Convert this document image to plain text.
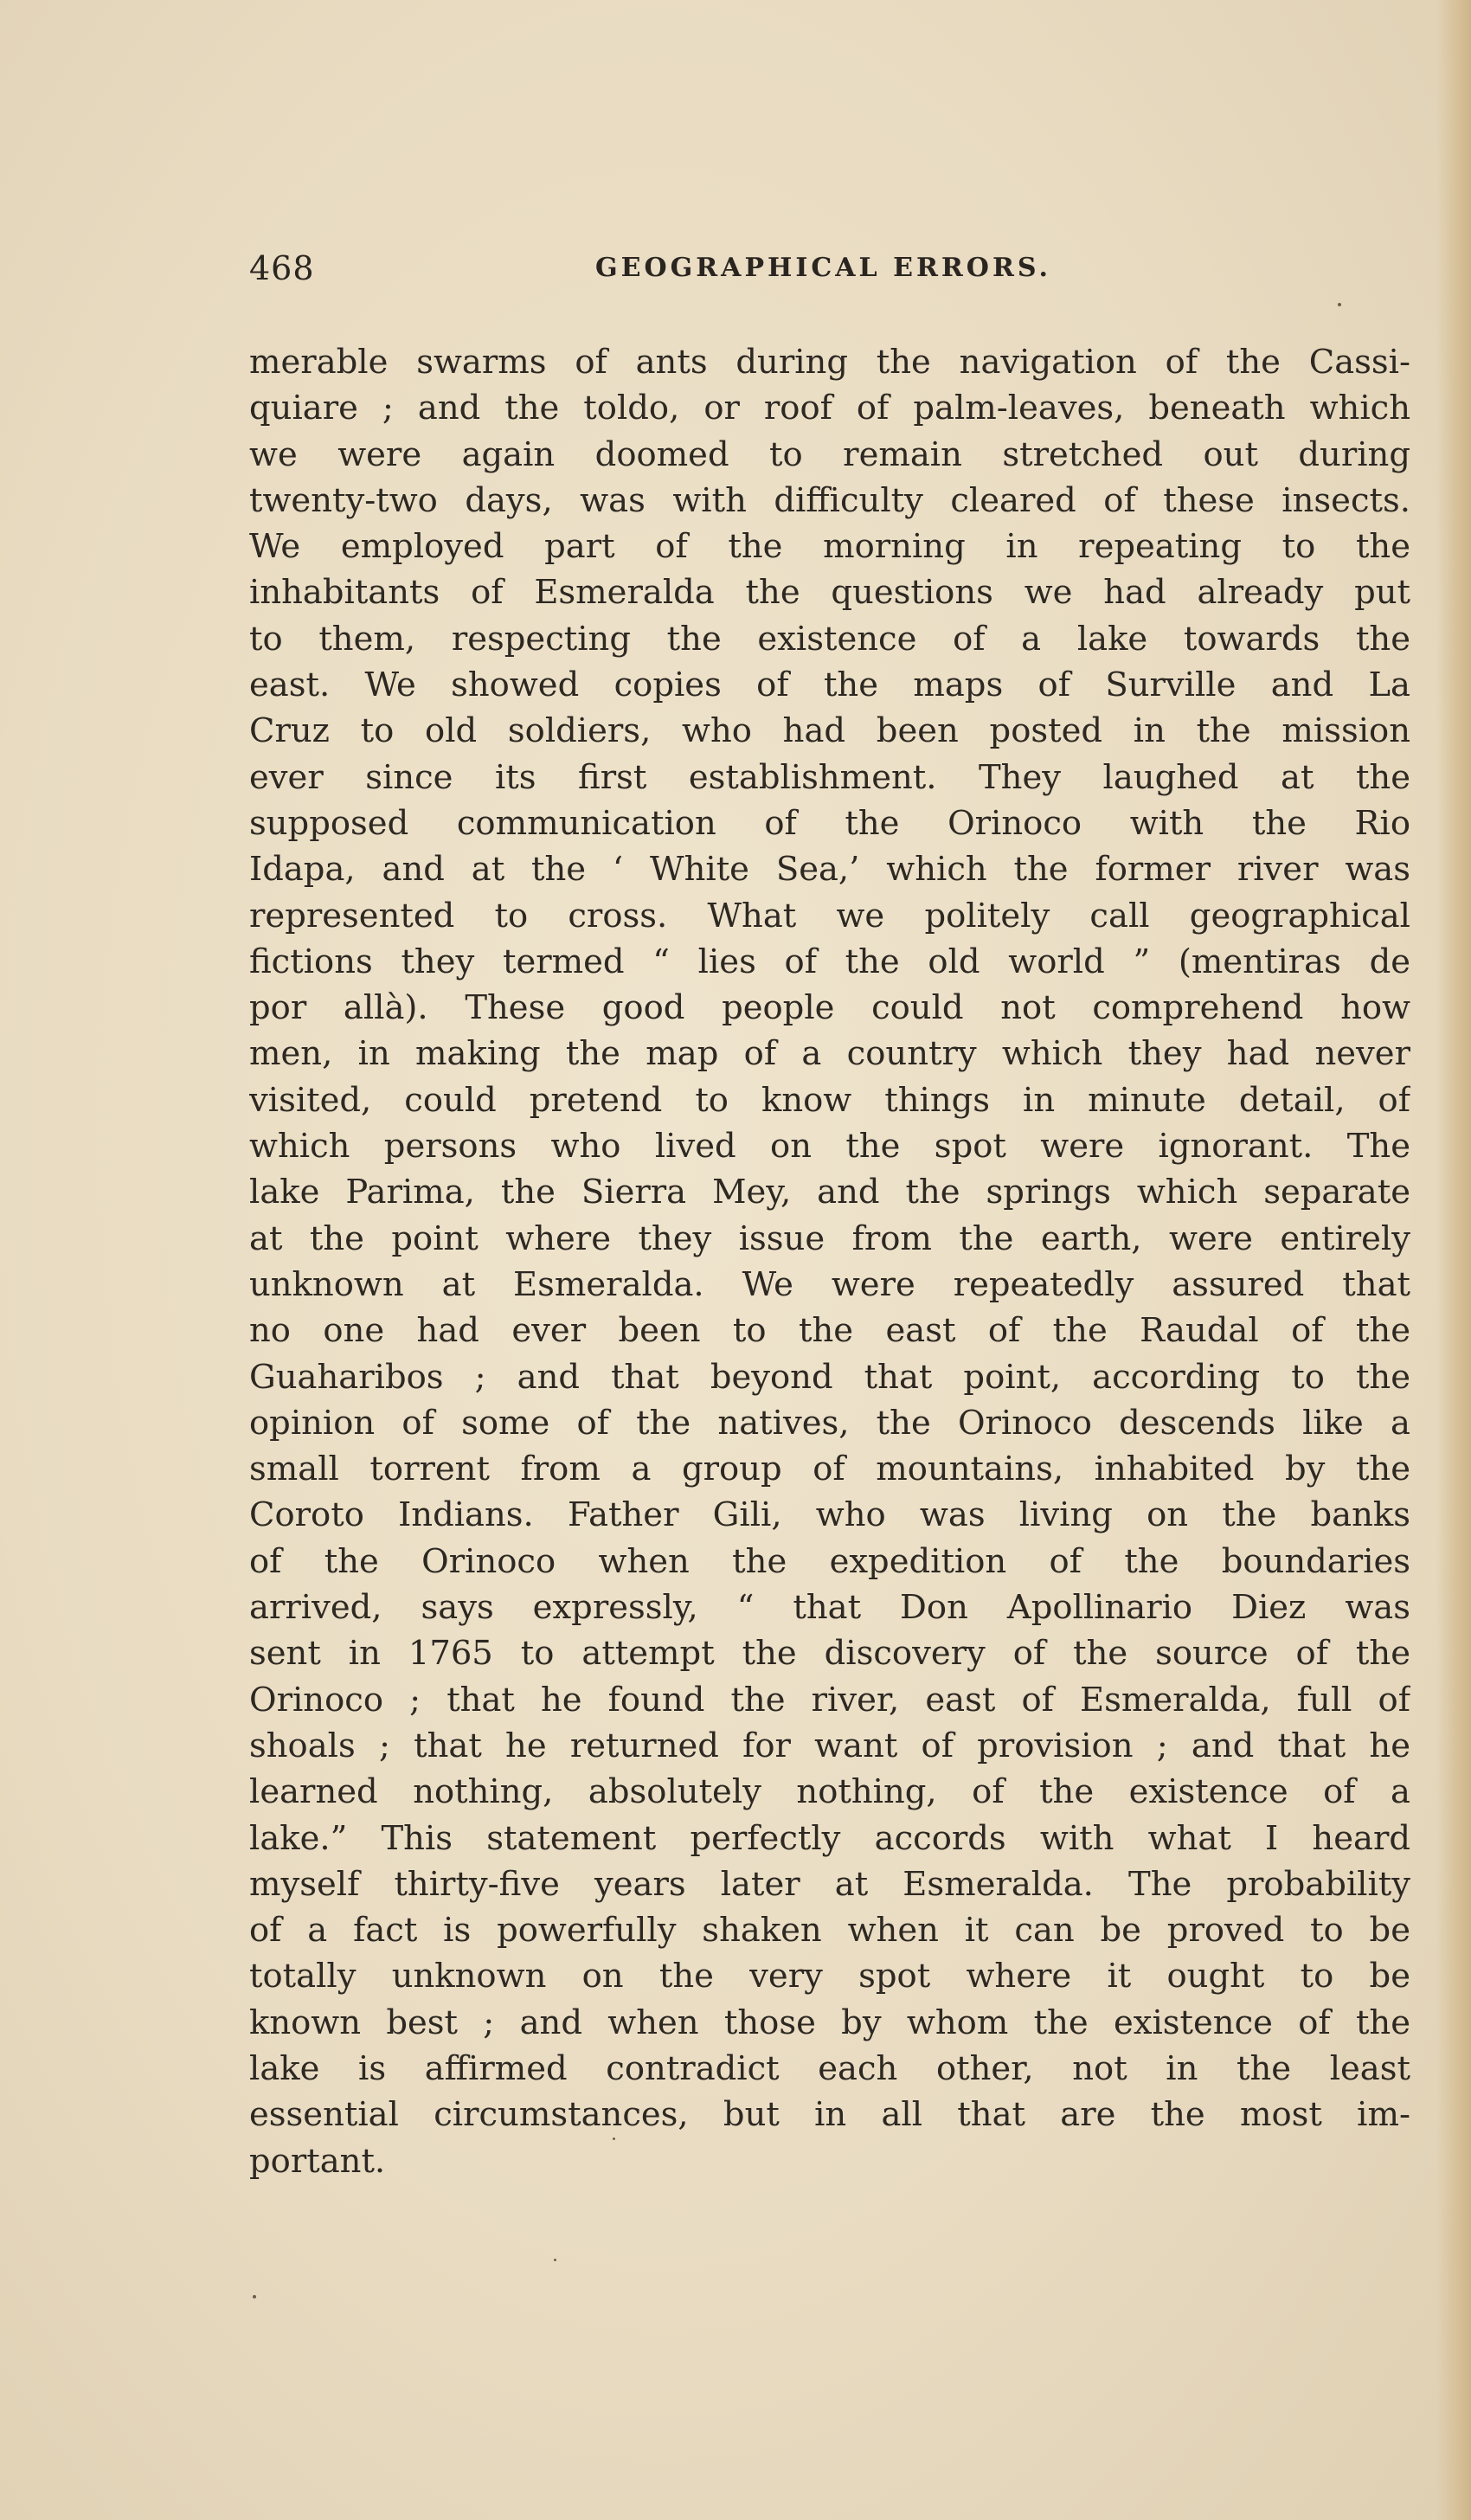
468	GEOGRAPHICAL ERRORS.
merable swarms of ants during the navigation of the Cassi-
quiare ; and the toldo, or roof of palm-leaves, beneath which
we were again doomed to remain stretched out during
twenty-two days, was with difficulty cleared of these insects.
We employed part of the morning in repeating to the
inhabitants of Esmeralda the questions we had already put
to them, respecting the existence of a lake towards the
east. We showed copies of the maps of Surville and La
Cruz to old soldiers, who had been posted in the mission
ever since its first establishment. They laughed at the
supposed communication of the Orinoco with the Rio
Idapa, and at the ‘ White Sea,’ which the former river was
represented to cross. What we politely call geographical
fictions they termed “ lies of the old world ” (mentiras de
por allà). These good people could not comprehend how
men, in making the map of a country which they had never
visited, could pretend to know things in minute detail, of
which persons who lived on the spot were ignorant. The
lake Parima, the Sierra Mey, and the springs which separate
at the point where they issue from the earth, were entirely
unknown at Esmeralda. We were repeatedly assured that
no one had ever been to the east of the Raudal of the
Guaharibos ; and that beyond that point, according to the
opinion of some of the natives, the Orinoco descends like a
small torrent from a group of mountains, inhabited by the
Coroto Indians. Father Gili, who was living on the banks
of the Orinoco when the expedition of the boundaries
arrived, says expressly, “ that Don Apollinario Diez was
sent in 1765 to attempt the discovery of the source of the
Orinoco ; that he found the river, east of Esmeralda, full of
shoals ; that he returned for want of provision ; and that he
learned nothing, absolutely nothing, of the existence of a
lake.” This statement perfectly accords with what I heard
myself thirty-five years later at Esmeralda. The probability
of a fact is powerfully shaken when it can be proved to be
totally unknown on the very spot where it ought to be
known best ; and when those by whom the existence of the
lake is affirmed contradict each other, not in the least
essential circumstances, but in all that are the most im-
portant.
